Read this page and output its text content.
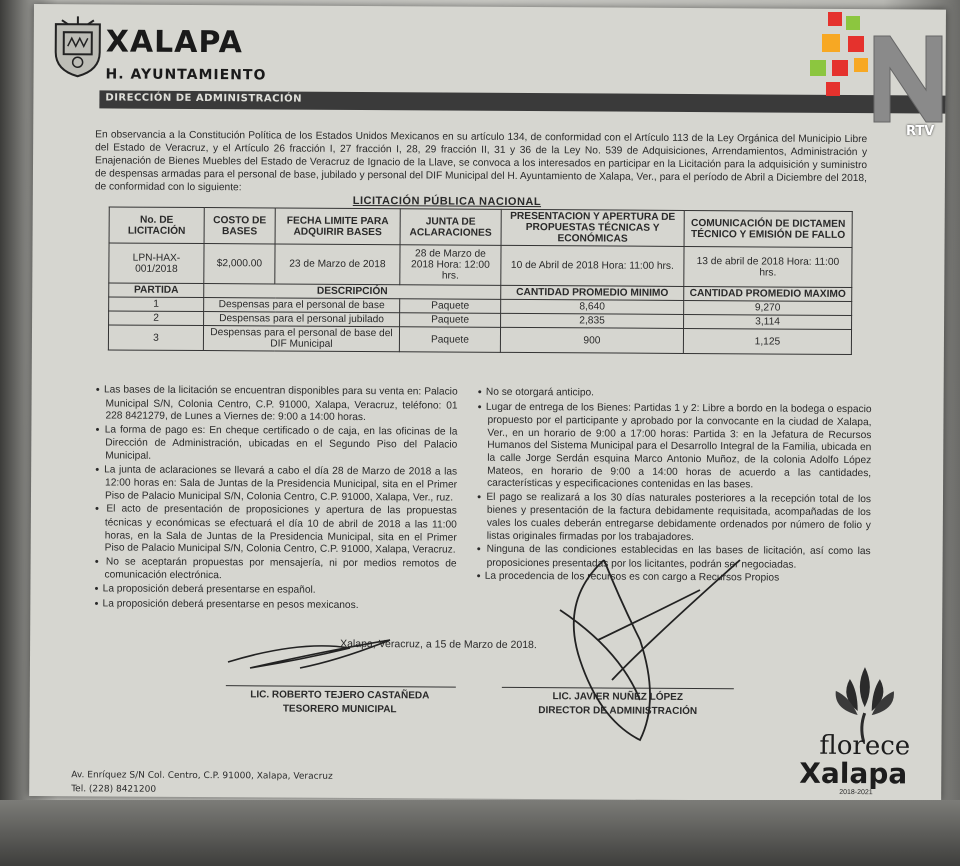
XALAPA
H. AYUNTAMIENTO
DIRECCIÓN DE ADMINISTRACIÓN
En observancia a la Constitución Política de los Estados Unidos Mexicanos en su artículo 134, de conformidad con el Artículo 113 de la Ley Orgánica del Municipio Libre del Estado de Veracruz, y el Artículo 26 fracción I, 27 fracción I, 28, 29 fracción II, 31 y 36 de la Ley No. 539 de Adquisiciones, Arrendamientos, Administración y Enajenación de Bienes Muebles del Estado de Veracruz de Ignacio de la Llave, se convoca a los interesados en participar en la Licitación para la adquisición y suministro de despensas armadas para el personal de base, jubilado y personal del DIF Municipal del H. Ayuntamiento de Xalapa, Ver., para el período de Abril a Diciembre del 2018, de conformidad con lo siguiente:
LICITACIÓN PÚBLICA NACIONAL
No. DE LICITACIÓN	COSTO DE BASES	FECHA LIMITE PARA ADQUIRIR BASES	JUNTA DE ACLARACIONES	PRESENTACION Y APERTURA DE PROPUESTAS TÉCNICAS Y ECONÓMICAS	COMUNICACIÓN DE DICTAMEN TÉCNICO Y EMISIÓN DE FALLO
LPN-HAX-001/2018	$2,000.00	23 de Marzo de 2018	28 de Marzo de 2018 Hora: 12:00 hrs.	10 de Abril de 2018 Hora: 11:00 hrs.	13 de abril de 2018 Hora: 11:00 hrs.
PARTIDA	DESCRIPCIÓN			CANTIDAD PROMEDIO MINIMO	CANTIDAD PROMEDIO MAXIMO
1	Despensas para el personal de base		Paquete	8,640	9,270
2	Despensas para el personal jubilado		Paquete	2,835	3,114
3	Despensas para el personal de base del DIF Municipal		Paquete	900	1,125

● Las bases de la licitación se encuentran disponibles para su venta en: Palacio Municipal S/N, Colonia Centro, C.P. 91000, Xalapa, Veracruz, teléfono: 01 228 8421279, de Lunes a Viernes de: 9:00 a 14:00 horas.

● La forma de pago es: En cheque certificado o de caja, en las oficinas de la Dirección de Administración, ubicadas en el Segundo Piso del Palacio Municipal.

● La junta de aclaraciones se llevará a cabo el día 28 de Marzo de 2018 a las 12:00 horas en: Sala de Juntas de la Presidencia Municipal, sita en el Primer Piso de Palacio Municipal S/N, Colonia Centro, C.P. 91000, Xalapa, Ver., ruz.

● El acto de presentación de proposiciones y apertura de las propuestas técnicas y económicas se efectuará el día 10 de abril de 2018 a las 11:00 horas, en la Sala de Juntas de la Presidencia Municipal, sita en el Primer Piso de Palacio Municipal S/N, Colonia Centro, C.P. 91000, Xalapa, Veracruz.

● No se aceptarán propuestas por mensajería, ni por medios remotos de comunicación electrónica.

● La proposición deberá presentarse en español.

● La proposición deberá presentarse en pesos mexicanos.

● No se otorgará anticipo.

● Lugar de entrega de los Bienes: Partidas 1 y 2: Libre a bordo en la bodega o espacio propuesto por el participante y aprobado por la convocante en la ciudad de Xalapa, Ver., en un horario de 9:00 a 17:00 horas: Partida 3: en la Jefatura de Recursos Humanos del Sistema Municipal para el Desarrollo Integral de la Familia, ubicada en la calle Jorge Serdán esquina Marco Antonio Muñoz, de la colonia Adolfo López Mateos, en horario de 9:00 a 14:00 horas de acuerdo a las cantidades, características y especificaciones contenidas en las bases.

● El pago se realizará a los 30 días naturales posteriores a la recepción total de los bienes y presentación de la factura debidamente requisitada, acompañadas de los vales los cuales deberán entregarse debidamente ordenados por número de folio y listas originales firmadas por los trabajadores.

● Ninguna de las condiciones establecidas en las bases de licitación, así como las proposiciones presentadas por los licitantes, podrán ser negociadas.

● La procedencia de los recursos es con cargo a Recursos Propios

Xalapa, Veracruz, a 15 de Marzo de 2018.
LIC. ROBERTO TEJERO CASTAÑEDA
TESORERO MUNICIPAL
LIC. JAVIER NUÑEZ LÓPEZ
DIRECTOR DE ADMINISTRACIÓN
Av. Enríquez S/N Col. Centro, C.P. 91000, Xalapa, Veracruz
Tel. (228) 8421200
florece
Xalapa
2018-2021
RTV
